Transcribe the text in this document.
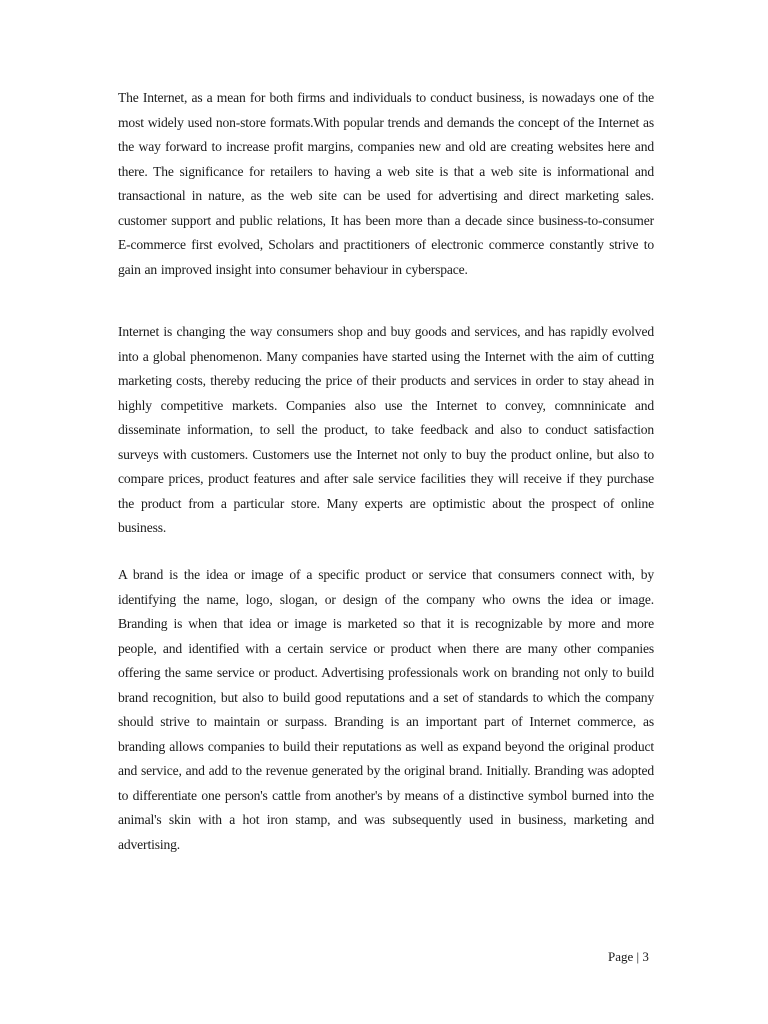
The Internet, as a mean for both firms and individuals to conduct business, is nowadays one of the most widely used non-store formats.With popular trends and demands the concept of the Internet as the way forward to increase profit margins, companies new and old are creating websites here and there. The significance for retailers to having a web site is that a web site is informational and transactional in nature, as the web site can be used for advertising and direct marketing sales. customer support and public relations, It has been more than a decade since business-to-consumer E-commerce first evolved, Scholars and practitioners of electronic commerce constantly strive to gain an improved insight into consumer behaviour in cyberspace.

Internet is changing the way consumers shop and buy goods and services, and has rapidly evolved into a global phenomenon. Many companies have started using the Internet with the aim of cutting marketing costs, thereby reducing the price of their products and services in order to stay ahead in highly competitive markets. Companies also use the Internet to convey, comnninicate and disseminate information, to sell the product, to take feedback and also to conduct satisfaction surveys with customers. Customers use the Internet not only to buy the product online, but also to compare prices, product features and after sale service facilities they will receive if they purchase the product from a particular store. Many experts are optimistic about the prospect of online business.

A brand is the idea or image of a specific product or service that consumers connect with, by identifying the name, logo, slogan, or design of the company who owns the idea or image. Branding is when that idea or image is marketed so that it is recognizable by more and more people, and identified with a certain service or product when there are many other companies offering the same service or product. Advertising professionals work on branding not only to build brand recognition, but also to build good reputations and a set of standards to which the company should strive to maintain or surpass. Branding is an important part of Internet commerce, as branding allows companies to build their reputations as well as expand beyond the original product and service, and add to the revenue generated by the original brand. Initially. Branding was adopted to differentiate one person's cattle from another's by means of a distinctive symbol burned into the animal's skin with a hot iron stamp, and was subsequently used in business, marketing and advertising.

Page | 3
